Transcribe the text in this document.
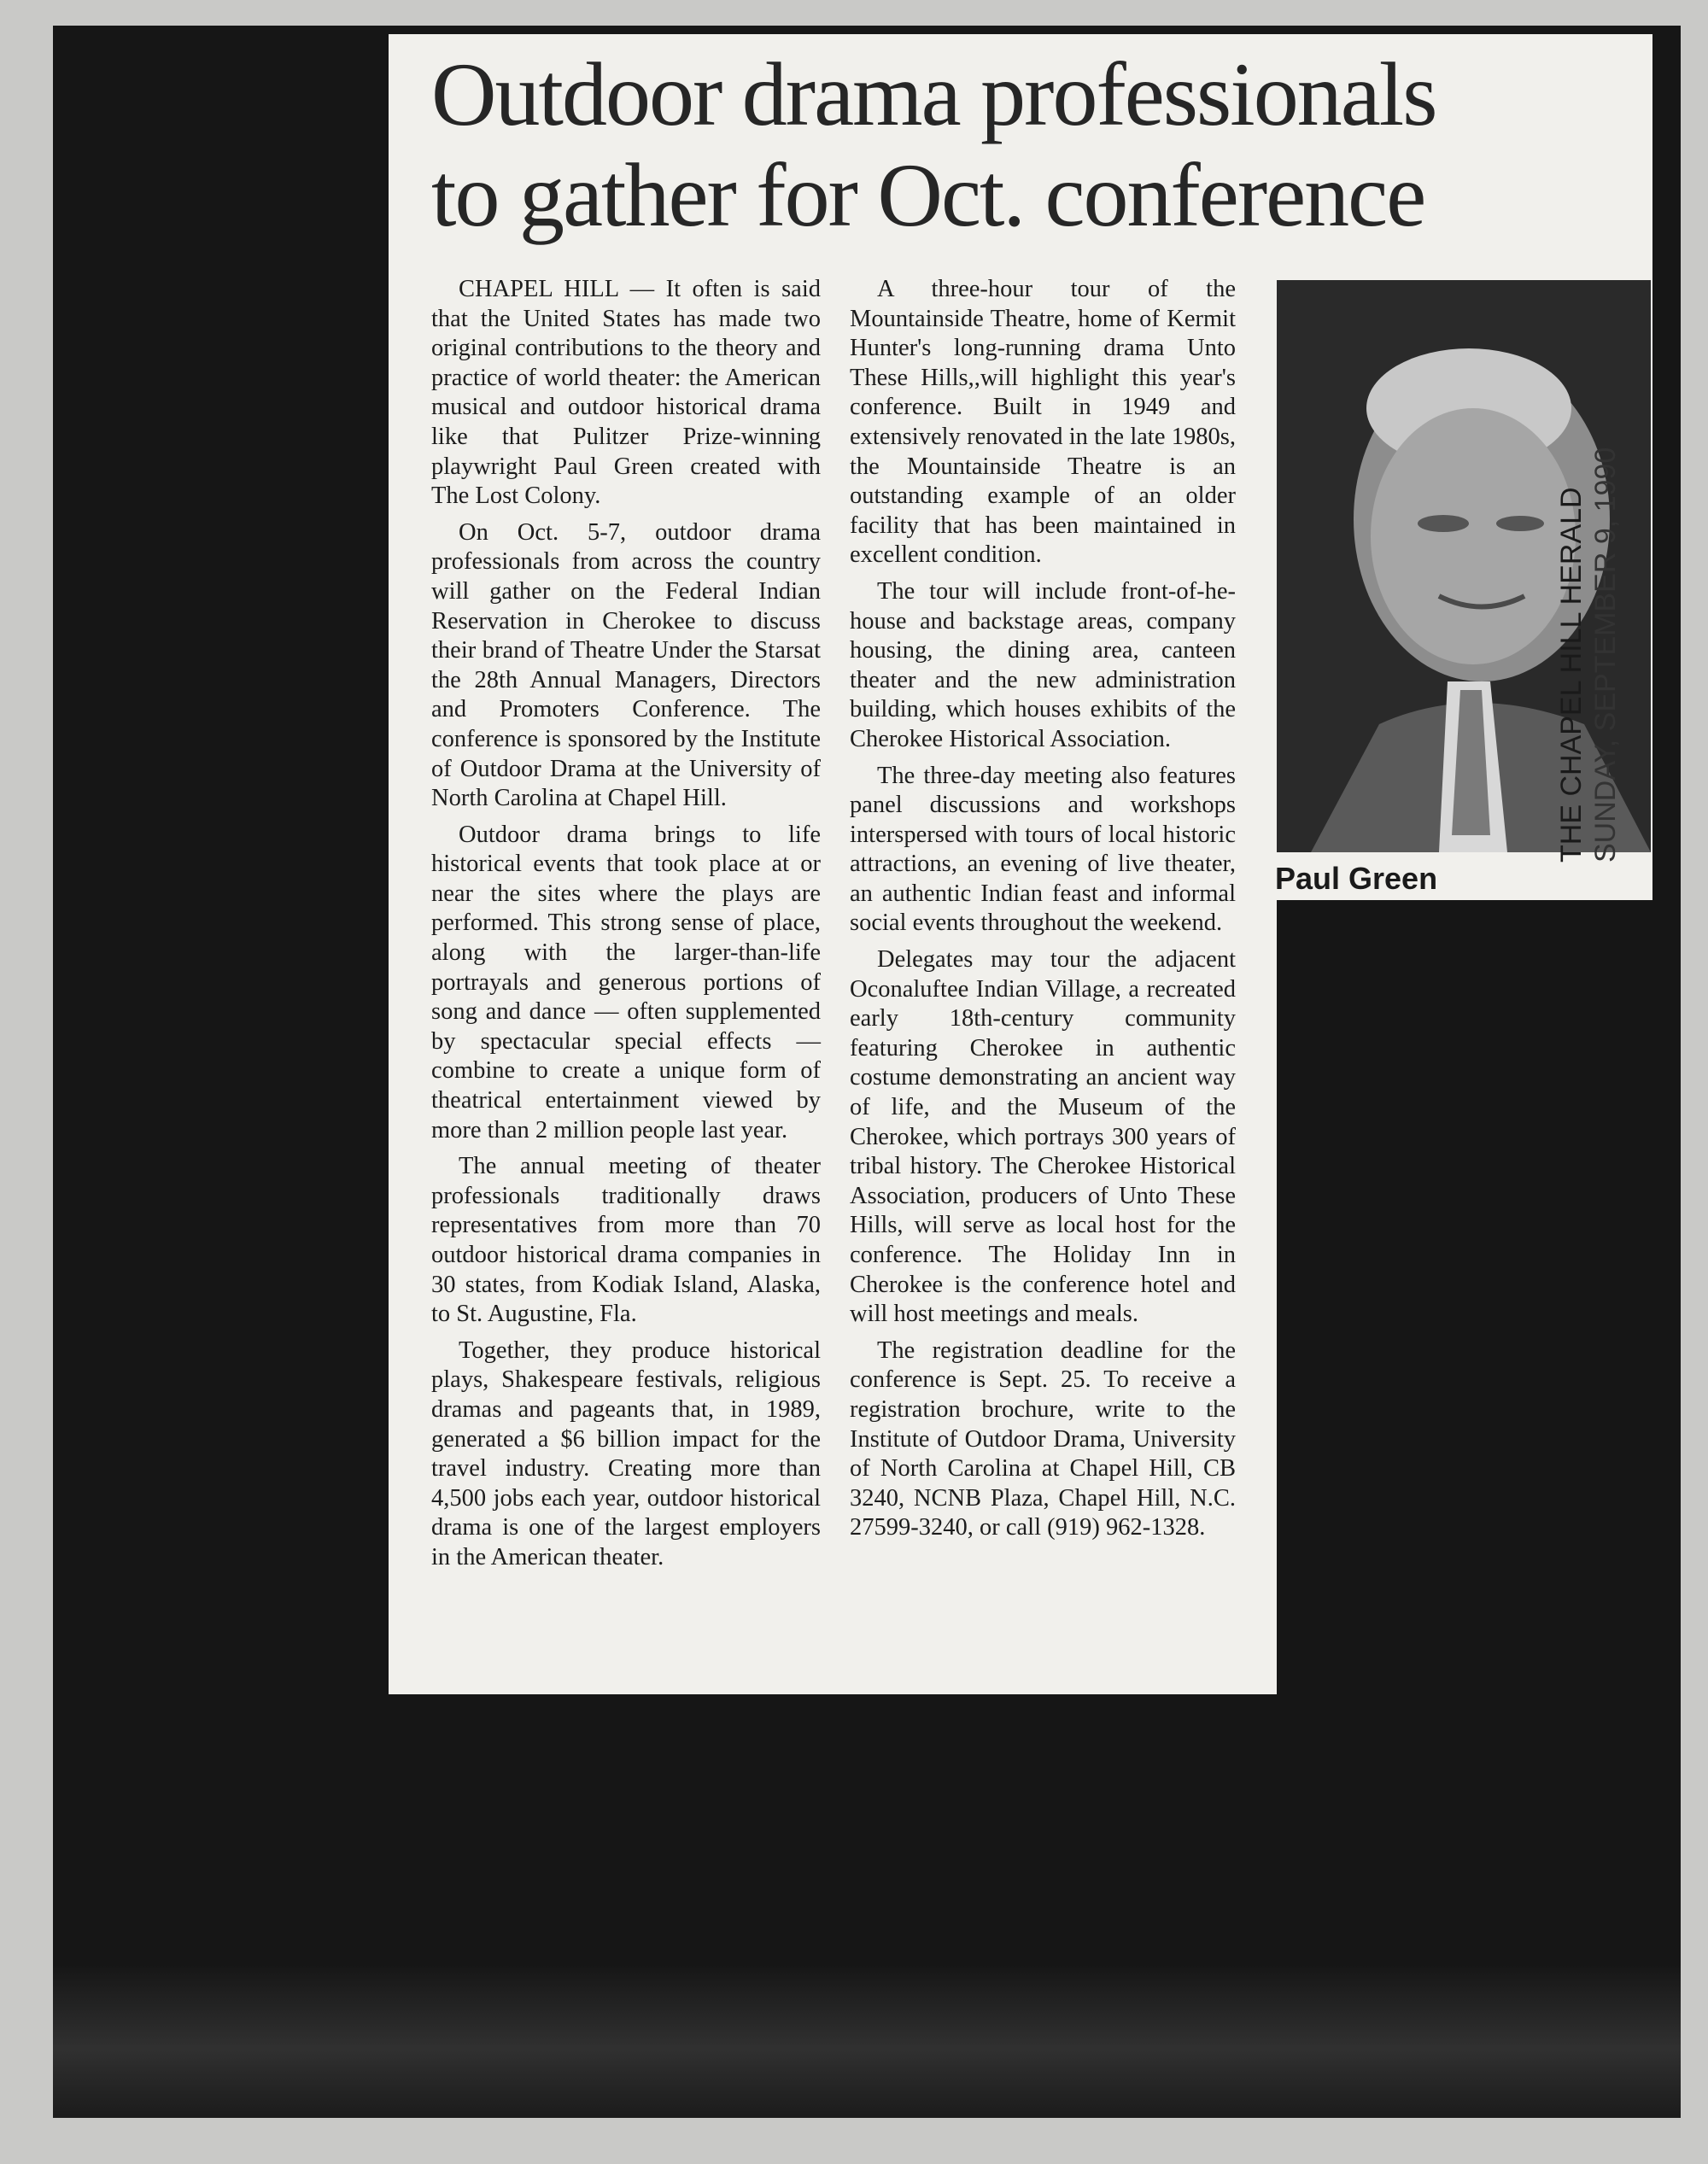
Outdoor drama professionals
to gather for Oct. conference

CHAPEL HILL — It often is said that the United States has made two original contributions to the theory and practice of world theater: the American musical and outdoor historical drama like that Pulitzer Prize-winning playwright Paul Green created with The Lost Colony.

On Oct. 5-7, outdoor drama professionals from across the country will gather on the Federal Indian Reservation in Cherokee to discuss their brand of Theatre Under the Starsat the 28th Annual Managers, Directors and Promoters Conference. The conference is sponsored by the Institute of Outdoor Drama at the University of North Carolina at Chapel Hill.

Outdoor drama brings to life historical events that took place at or near the sites where the plays are performed. This strong sense of place, along with the larger-than-life portrayals and generous portions of song and dance — often supplemented by spectacular special effects — combine to create a unique form of theatrical entertainment viewed by more than 2 million people last year.

The annual meeting of theater professionals traditionally draws representatives from more than 70 outdoor historical drama companies in 30 states, from Kodiak Island, Alaska, to St. Augustine, Fla.

Together, they produce historical plays, Shakespeare festivals, religious dramas and pageants that, in 1989, generated a $6 billion impact for the travel industry. Creating more than 4,500 jobs each year, outdoor historical drama is one of the largest employers in the American theater.

A three-hour tour of the Mountainside Theatre, home of Kermit Hunter's long-running drama Unto These Hills,,will highlight this year's conference. Built in 1949 and extensively renovated in the late 1980s, the Mountainside Theatre is an outstanding example of an older facility that has been maintained in excellent condition.

The tour will include front-of-he-house and backstage areas, company housing, the dining area, canteen theater and the new administration building, which houses exhibits of the Cherokee Historical Association.

The three-day meeting also features panel discussions and workshops interspersed with tours of local historic attractions, an evening of live theater, an authentic Indian feast and informal social events throughout the weekend.

Delegates may tour the adjacent Oconaluftee Indian Village, a recreated early 18th-century community featuring Cherokee in authentic costume demonstrating an ancient way of life, and the Museum of the Cherokee, which portrays 300 years of tribal history. The Cherokee Historical Association, producers of Unto These Hills, will serve as local host for the conference. The Holiday Inn in Cherokee is the conference hotel and will host meetings and meals.

The registration deadline for the conference is Sept. 25. To receive a registration brochure, write to the Institute of Outdoor Drama, University of North Carolina at Chapel Hill, CB 3240, NCNB Plaza, Chapel Hill, N.C. 27599-3240, or call (919) 962-1328.

Paul Green
THE CHAPEL HILL HERALD SUNDAY, SEPTEMBER 9, 1990
